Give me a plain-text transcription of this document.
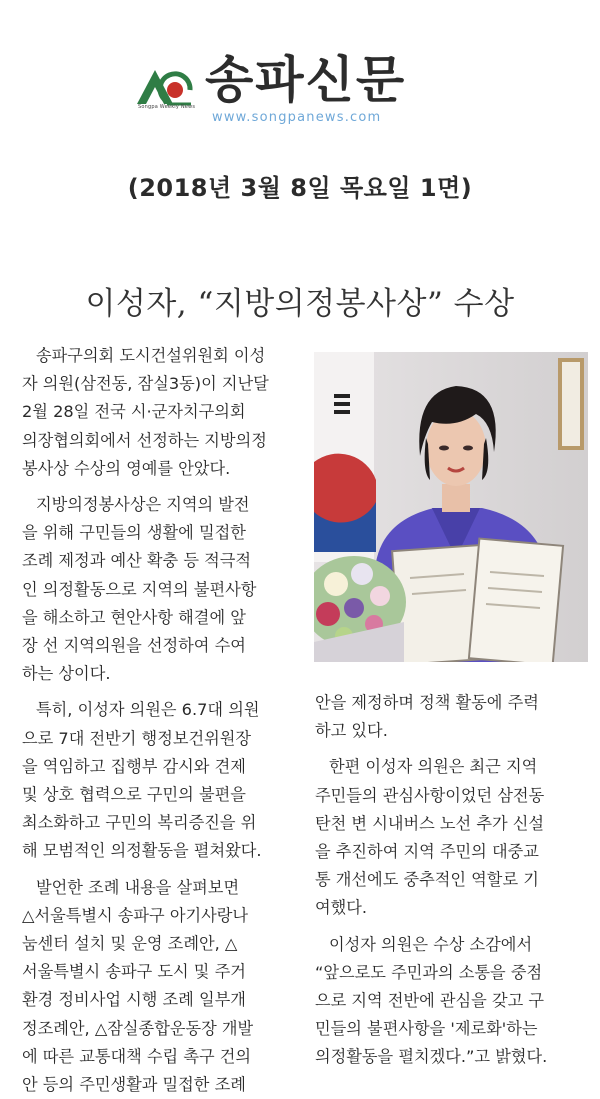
Songpa Weekly News 송파신문
www.songpanews.com
(2018년 3월 8일 목요일 1면)
이성자, “지방의정봉사상” 수상

송파구의회 도시건설위원회 이성

자 의원(삼전동, 잠실3동)이 지난달

2월 28일 전국 시·군자치구의회

의장협의회에서 선정하는 지방의정

봉사상 수상의 영예를 안았다.

지방의정봉사상은 지역의 발전

을 위해 구민들의 생활에 밀접한

조례 제정과 예산 확충 등 적극적

인 의정활동으로 지역의 불편사항

을 해소하고 현안사항 해결에 앞

장 선 지역의원을 선정하여 수여

하는 상이다.

특히, 이성자 의원은 6.7대 의원

으로 7대 전반기 행정보건위원장

을 역임하고 집행부 감시와 견제

및 상호 협력으로 구민의 불편을

최소화하고 구민의 복리증진을 위

해 모범적인 의정활동을 펼쳐왔다.

발언한 조례 내용을 살펴보면

△서울특별시 송파구 아기사랑나

눔센터 설치 및 운영 조례안, △

서울특별시 송파구 도시 및 주거

환경 정비사업 시행 조례 일부개

정조례안, △잠실종합운동장 개발

에 따른 교통대책 수립 촉구 건의

안 등의 주민생활과 밀접한 조례

안을 제정하며 정책 활동에 주력

하고 있다.

한편 이성자 의원은 최근 지역

주민들의 관심사항이었던 삼전동

탄천 변 시내버스 노선 추가 신설

을 추진하여 지역 주민의 대중교

통 개선에도 중추적인 역할로 기

여했다.

이성자 의원은 수상 소감에서

“앞으로도 주민과의 소통을 중점

으로 지역 전반에 관심을 갖고 구

민들의 불편사항을 '제로화'하는

의정활동을 펼치겠다.”고 밝혔다.
